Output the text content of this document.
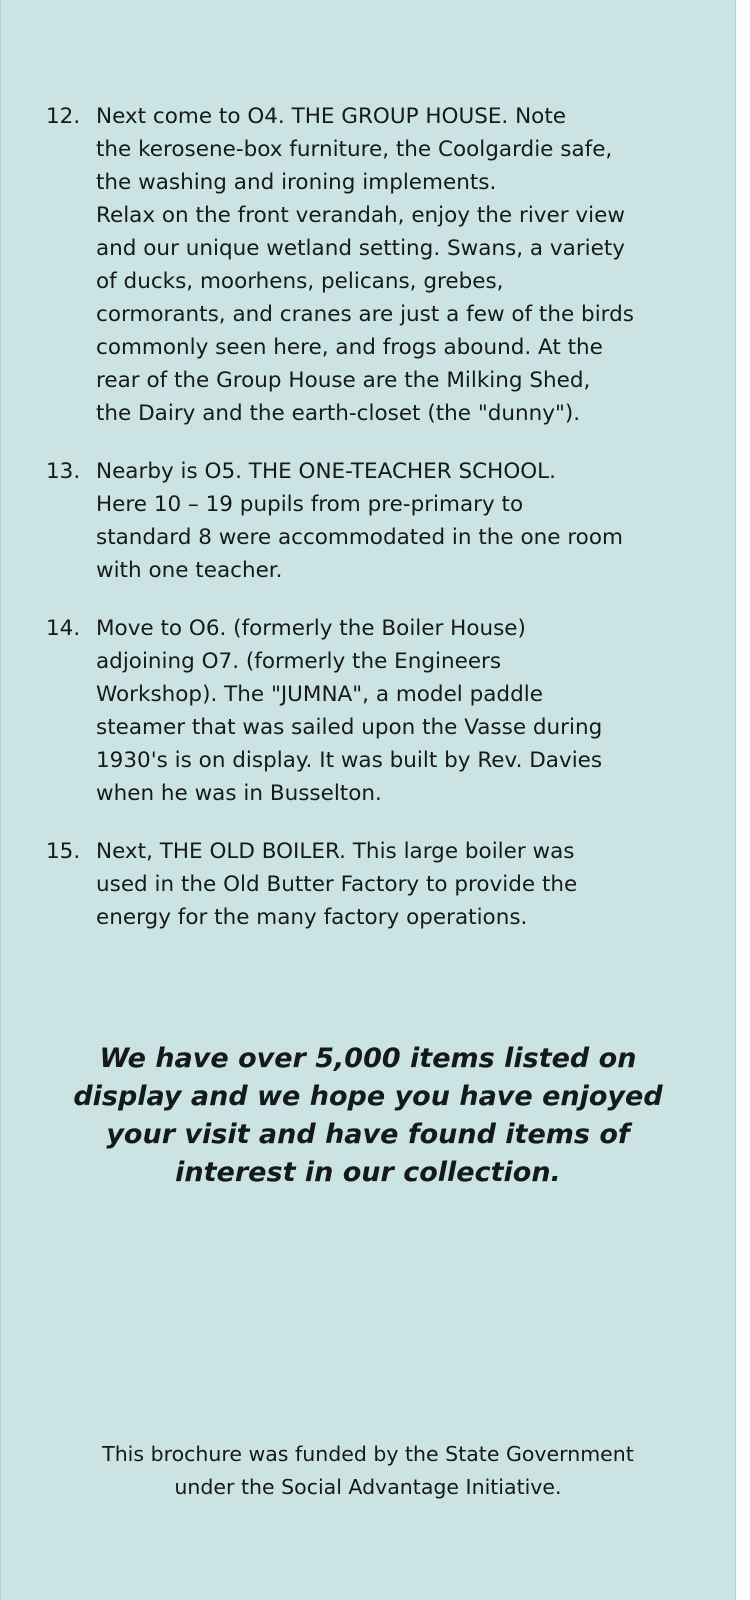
12. Next come to O4. THE GROUP HOUSE. Note
the kerosene-box furniture, the Coolgardie safe,
the washing and ironing implements.
Relax on the front verandah, enjoy the river view
and our unique wetland setting. Swans, a variety
of ducks, moorhens, pelicans, grebes,
cormorants, and cranes are just a few of the birds
commonly seen here, and frogs abound. At the
rear of the Group House are the Milking Shed,
the Dairy and the earth-closet (the "dunny").
13. Nearby is O5. THE ONE-TEACHER SCHOOL.
Here 10 – 19 pupils from pre-primary to
standard 8 were accommodated in the one room
with one teacher.
14. Move to O6. (formerly the Boiler House)
adjoining O7. (formerly the Engineers
Workshop). The "JUMNA", a model paddle
steamer that was sailed upon the Vasse during
1930's is on display. It was built by Rev. Davies
when he was in Busselton.
15. Next, THE OLD BOILER. This large boiler was
used in the Old Butter Factory to provide the
energy for the many factory operations.

We have over 5,000 items listed on
display and we hope you have enjoyed
your visit and have found items of
interest in our collection.

This brochure was funded by the State Government
under the Social Advantage Initiative.
